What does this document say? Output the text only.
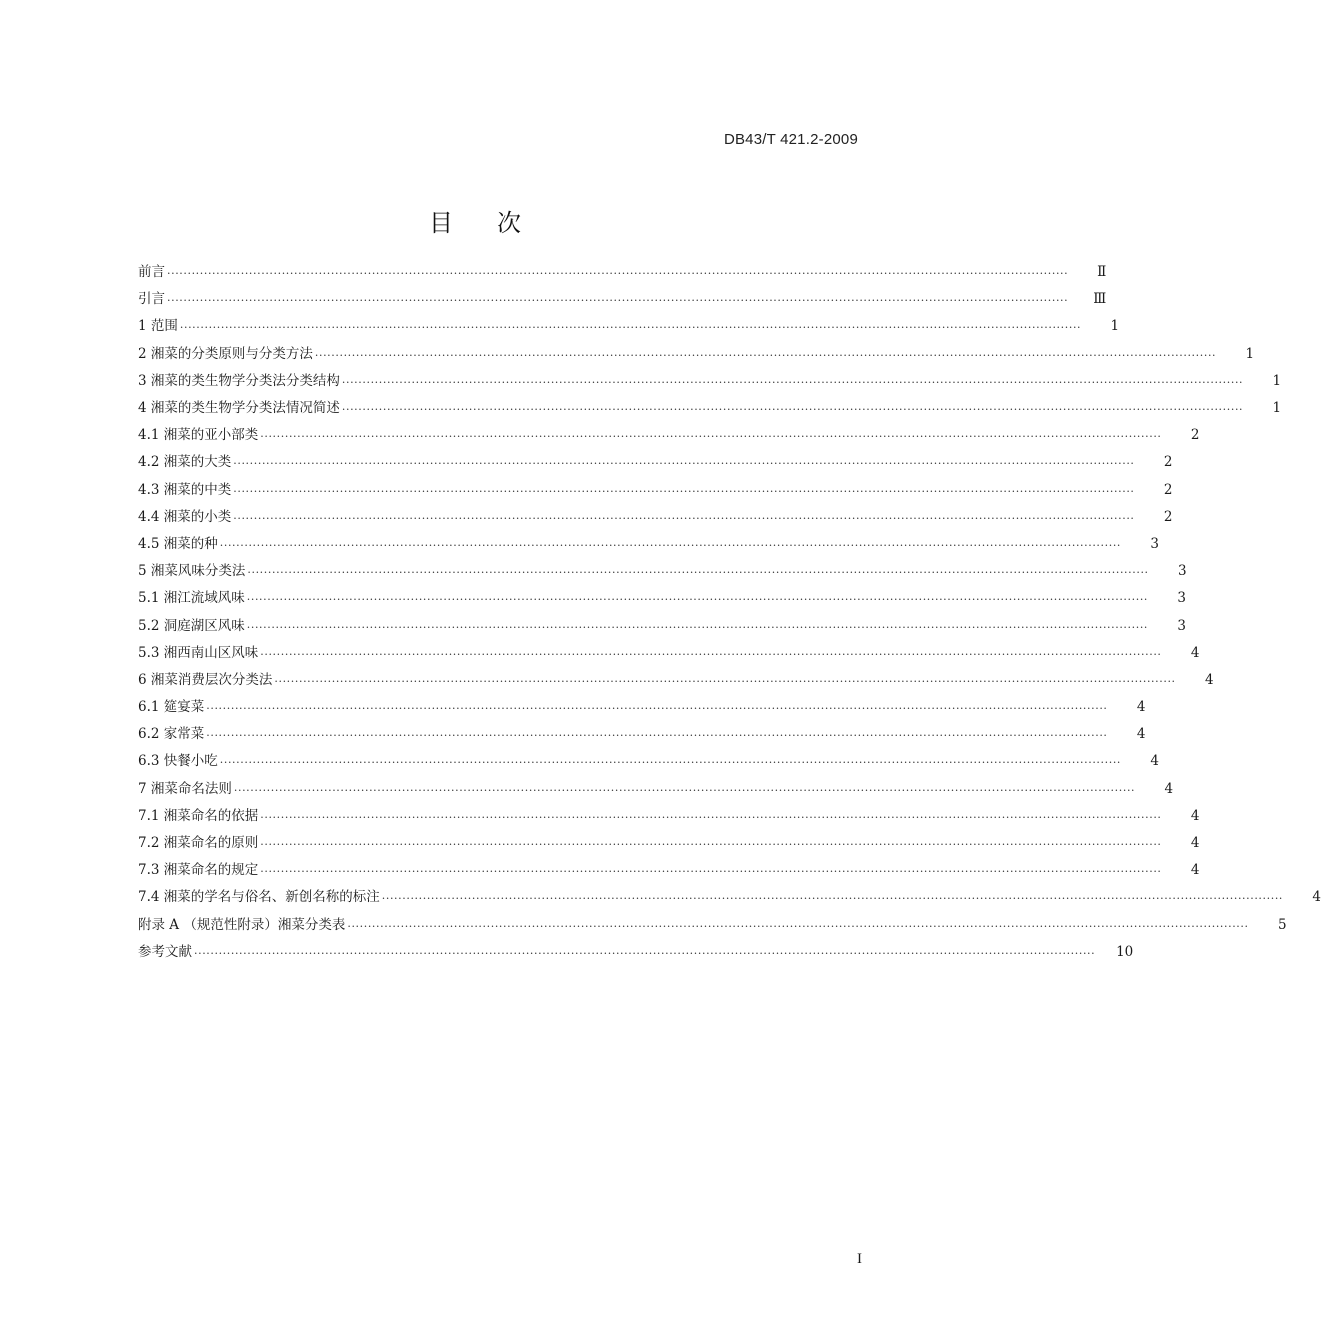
DB43/T 421.2-2009
目 次
前言 ····························································································································································································································	Ⅱ
引言 ····························································································································································································································	Ⅲ
1 范围 ····························································································································································································································	1
2 湘菜的分类原则与分类方法 ····························································································································································································································	1
3 湘菜的类生物学分类法分类结构 ····························································································································································································································	1
4 湘菜的类生物学分类法情况简述 ····························································································································································································································	1
4.1 湘菜的亚小部类 ····························································································································································································································	2
4.2 湘菜的大类 ····························································································································································································································	2
4.3 湘菜的中类 ····························································································································································································································	2
4.4 湘菜的小类 ····························································································································································································································	2
4.5 湘菜的种 ····························································································································································································································	3
5 湘菜风味分类法 ····························································································································································································································	3
5.1 湘江流域风味 ····························································································································································································································	3
5.2 洞庭湖区风味 ····························································································································································································································	3
5.3 湘西南山区风味 ····························································································································································································································	4
6 湘菜消费层次分类法 ····························································································································································································································	4
6.1 筵宴菜 ····························································································································································································································	4
6.2 家常菜 ····························································································································································································································	4
6.3 快餐小吃 ····························································································································································································································	4
7 湘菜命名法则 ····························································································································································································································	4
7.1 湘菜命名的依据 ····························································································································································································································	4
7.2 湘菜命名的原则 ····························································································································································································································	4
7.3 湘菜命名的规定 ····························································································································································································································	4
7.4 湘菜的学名与俗名、新创名称的标注 ····························································································································································································································	4
附录 A （规范性附录）湘菜分类表 ····························································································································································································································	5
参考文献 ····························································································································································································································	10
I
